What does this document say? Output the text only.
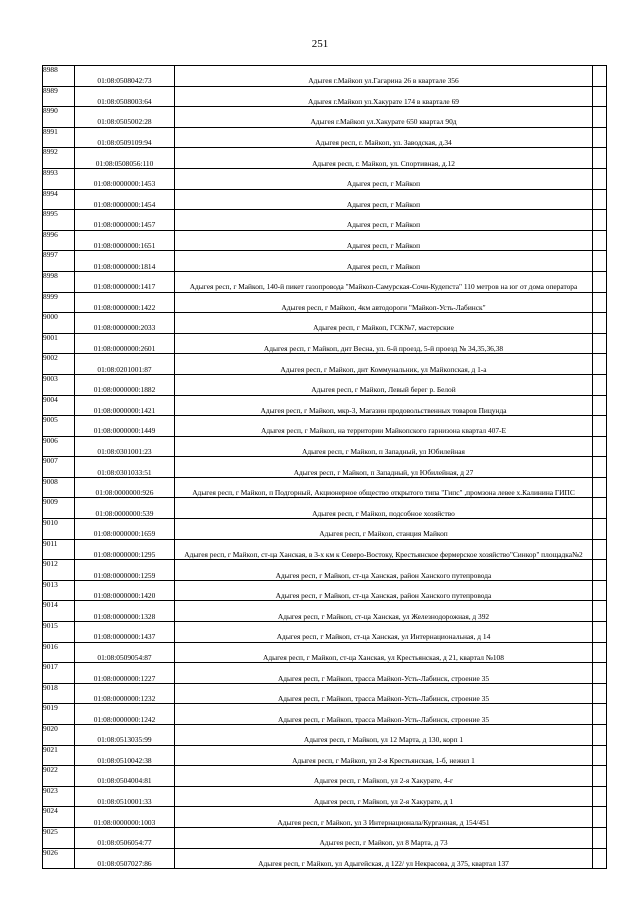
251
8988	01:08:0508042:73	Адыгея г.Майкоп ул.Гагарина 26 в квартале 356	
8989	01:08:0508003:64	Адыгея г.Майкоп ул.Хакурате 174 в квартале 69	
8990	01:08:0505002:28	Адыгея г.Майкоп ул.Хакурате 650 квартал 90д	
8991	01:08:0509109:94	Адыгея респ, г. Майкоп, ул. Заводская, д.34	
8992	01:08:0508056:110	Адыгея респ, г. Майкоп, ул. Спортивная, д.12	
8993	01:08:0000000:1453	Адыгея респ, г Майкоп	
8994	01:08:0000000:1454	Адыгея респ, г Майкоп	
8995	01:08:0000000:1457	Адыгея респ, г Майкоп	
8996	01:08:0000000:1651	Адыгея респ, г Майкоп	
8997	01:08:0000000:1814	Адыгея респ, г Майкоп	
8998	01:08:0000000:1417	Адыгея респ, г Майкоп, 140-й пикет газопровода "Майкоп-Самурская-Сочи-Кудепста" 110 метров на юг от дома оператора	
8999	01:08:0000000:1422	Адыгея респ, г Майкоп, 4км автодороги "Майкоп-Усть-Лабинск"	
9000	01:08:0000000:2033	Адыгея респ, г Майкоп, ГСК№7, мастерские	
9001	01:08:0000000:2601	Адыгея респ, г Майкоп, днт Весна, ул. 6-й проезд, 5-й проезд № 34,35,36,38	
9002	01:08:0201001:87	Адыгея респ, г Майкоп, днт Коммунальник, ул Майкопская, д 1-а	
9003	01:08:0000000:1882	Адыгея респ, г Майкоп, Левый берег р. Белой	
9004	01:08:0000000:1421	Адыгея респ, г Майкоп, мкр-3, Магазин продовольственных товаров Пицунда	
9005	01:08:0000000:1449	Адыгея респ, г Майкоп, на территории Майкопского гарнизона квартал 407-Е	
9006	01:08:0301001:23	Адыгея респ, г Майкоп, п Западный, ул Юбилейная	
9007	01:08:0301033:51	Адыгея респ, г Майкоп, п Западный, ул Юбилейная, д 27	
9008	01:08:0000000:926	Адыгея респ, г Майкоп, п Подгорный, Акционерное общество открытого типа "Гипс" ,промзона левее х.Калинина ГИПС	
9009	01:08:0000000:539	Адыгея респ, г Майкоп, подсобное хозяйство	
9010	01:08:0000000:1659	Адыгея респ, г Майкоп, станция Майкоп	
9011	01:08:0000000:1295	Адыгея респ, г Майкоп, ст-ца Ханская, в 3-х км к Северо-Востоку, Крестьянское фермерское хозяйство"Синкор" площадка№2	
9012	01:08:0000000:1259	Адыгея респ, г Майкоп, ст-ца Ханская, район Ханского путепровода	
9013	01:08:0000000:1420	Адыгея респ, г Майкоп, ст-ца Ханская, район Ханского путепровода	
9014	01:08:0000000:1328	Адыгея респ, г Майкоп, ст-ца Ханская, ул Железнодорожная, д 392	
9015	01:08:0000000:1437	Адыгея респ, г Майкоп, ст-ца Ханская, ул Интернациональная, д 14	
9016	01:08:0509054:87	Адыгея респ, г Майкоп, ст-ца Ханская, ул Крестьянская, д 21, квартал №108	
9017	01:08:0000000:1227	Адыгея респ, г Майкоп, трасса Майкоп-Усть-Лабинск, строение 35	
9018	01:08:0000000:1232	Адыгея респ, г Майкоп, трасса Майкоп-Усть-Лабинск, строение 35	
9019	01:08:0000000:1242	Адыгея респ, г Майкоп, трасса Майкоп-Усть-Лабинск, строение 35	
9020	01:08:0513035:99	Адыгея респ, г Майкоп, ул 12 Марта, д 130, корп 1	
9021	01:08:0510042:38	Адыгея респ, г Майкоп, ул 2-я Крестьянская, 1-б, нежил 1	
9022	01:08:0504004:81	Адыгея респ, г Майкоп, ул 2-я Хакурате, 4-г	
9023	01:08:0510001:33	Адыгея респ, г Майкоп, ул 2-я Хакурате, д 1	
9024	01:08:0000000:1003	Адыгея респ, г Майкоп, ул 3 Интернационала/Курганная, д 154/451	
9025	01:08:0506054:77	Адыгея респ, г Майкоп, ул 8 Марта, д 73	
9026	01:08:0507027:86	Адыгея респ, г Майкоп, ул Адыгейская, д 122/ ул Некрасова, д 375, квартал 137	
